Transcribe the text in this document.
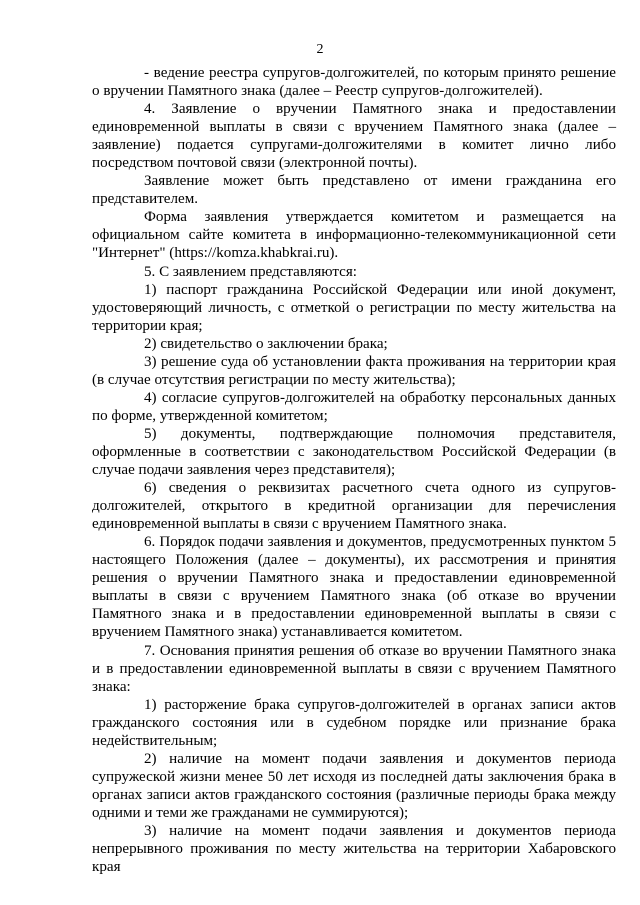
2

- ведение реестра супругов-долгожителей, по которым принято решение о вручении Памятного знака (далее – Реестр супругов-долгожителей).

4. Заявление о вручении Памятного знака и предоставлении единовременной выплаты в связи с вручением Памятного знака (далее – заявление) подается супругами-долгожителями в комитет лично либо посредством почтовой связи (электронной почты).

Заявление может быть представлено от имени гражданина его представителем.

Форма заявления утверждается комитетом и размещается на официальном сайте комитета в информационно-телекоммуникационной сети "Интернет" (https://komza.khabkrai.ru).

5. С заявлением представляются:

1) паспорт гражданина Российской Федерации или иной документ, удостоверяющий личность, с отметкой о регистрации по месту жительства на территории края;

2) свидетельство о заключении брака;

3) решение суда об установлении факта проживания на территории края (в случае отсутствия регистрации по месту жительства);

4) согласие супругов-долгожителей на обработку персональных данных по форме, утвержденной комитетом;

5) документы, подтверждающие полномочия представителя, оформленные в соответствии с законодательством Российской Федерации (в случае подачи заявления через представителя);

6) сведения о реквизитах расчетного счета одного из супругов-долгожителей, открытого в кредитной организации для перечисления единовременной выплаты в связи с вручением Памятного знака.

6. Порядок подачи заявления и документов, предусмотренных пунктом 5 настоящего Положения (далее – документы), их рассмотрения и принятия решения о вручении Памятного знака и предоставлении единовременной выплаты в связи с вручением Памятного знака (об отказе во вручении Памятного знака и в предоставлении единовременной выплаты в связи с вручением Памятного знака) устанавливается комитетом.

7. Основания принятия решения об отказе во вручении Памятного знака и в предоставлении единовременной выплаты в связи с вручением Памятного знака:

1) расторжение брака супругов-долгожителей в органах записи актов гражданского состояния или в судебном порядке или признание брака недействительным;

2) наличие на момент подачи заявления и документов периода супружеской жизни менее 50 лет исходя из последней даты заключения брака в органах записи актов гражданского состояния (различные периоды брака между одними и теми же гражданами не суммируются);

3) наличие на момент подачи заявления и документов периода непрерывного проживания по месту жительства на территории Хабаровского края
